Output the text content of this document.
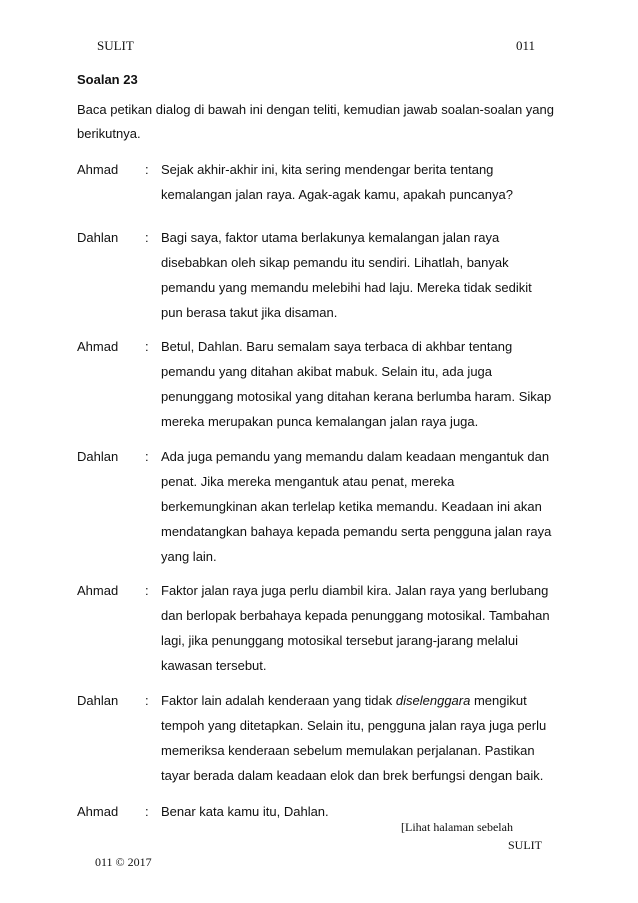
SULIT	011
Soalan 23
Baca petikan dialog di bawah ini dengan teliti, kemudian jawab soalan-soalan yang berikutnya.
Ahmad : Sejak akhir-akhir ini, kita sering mendengar berita tentang
kemalangan jalan raya. Agak-agak kamu, apakah puncanya?
Dahlan : Bagi saya, faktor utama berlakunya kemalangan jalan raya
disebabkan oleh sikap pemandu itu sendiri. Lihatlah, banyak
pemandu yang memandu melebihi had laju. Mereka tidak sedikit
pun berasa takut jika disaman.
Ahmad : Betul, Dahlan. Baru semalam saya terbaca di akhbar tentang
pemandu yang ditahan akibat mabuk. Selain itu, ada juga
penunggang motosikal yang ditahan kerana berlumba haram. Sikap
mereka merupakan punca kemalangan jalan raya juga.
Dahlan : Ada juga pemandu yang memandu dalam keadaan mengantuk dan
penat. Jika mereka mengantuk atau penat, mereka
berkemungkinan akan terlelap ketika memandu. Keadaan ini akan
mendatangkan bahaya kepada pemandu serta pengguna jalan raya
yang lain.
Ahmad : Faktor jalan raya juga perlu diambil kira. Jalan raya yang berlubang
dan berlopak berbahaya kepada penunggang motosikal. Tambahan
lagi, jika penunggang motosikal tersebut jarang-jarang melalui
kawasan tersebut.
Dahlan : Faktor lain adalah kenderaan yang tidak diselenggara mengikut
tempoh yang ditetapkan. Selain itu, pengguna jalan raya juga perlu
memeriksa kenderaan sebelum memulakan perjalanan. Pastikan
tayar berada dalam keadaan elok dan brek berfungsi dengan baik.
Ahmad : Benar kata kamu itu, Dahlan.
[Lihat halaman sebelah
SULIT
011 © 2017
